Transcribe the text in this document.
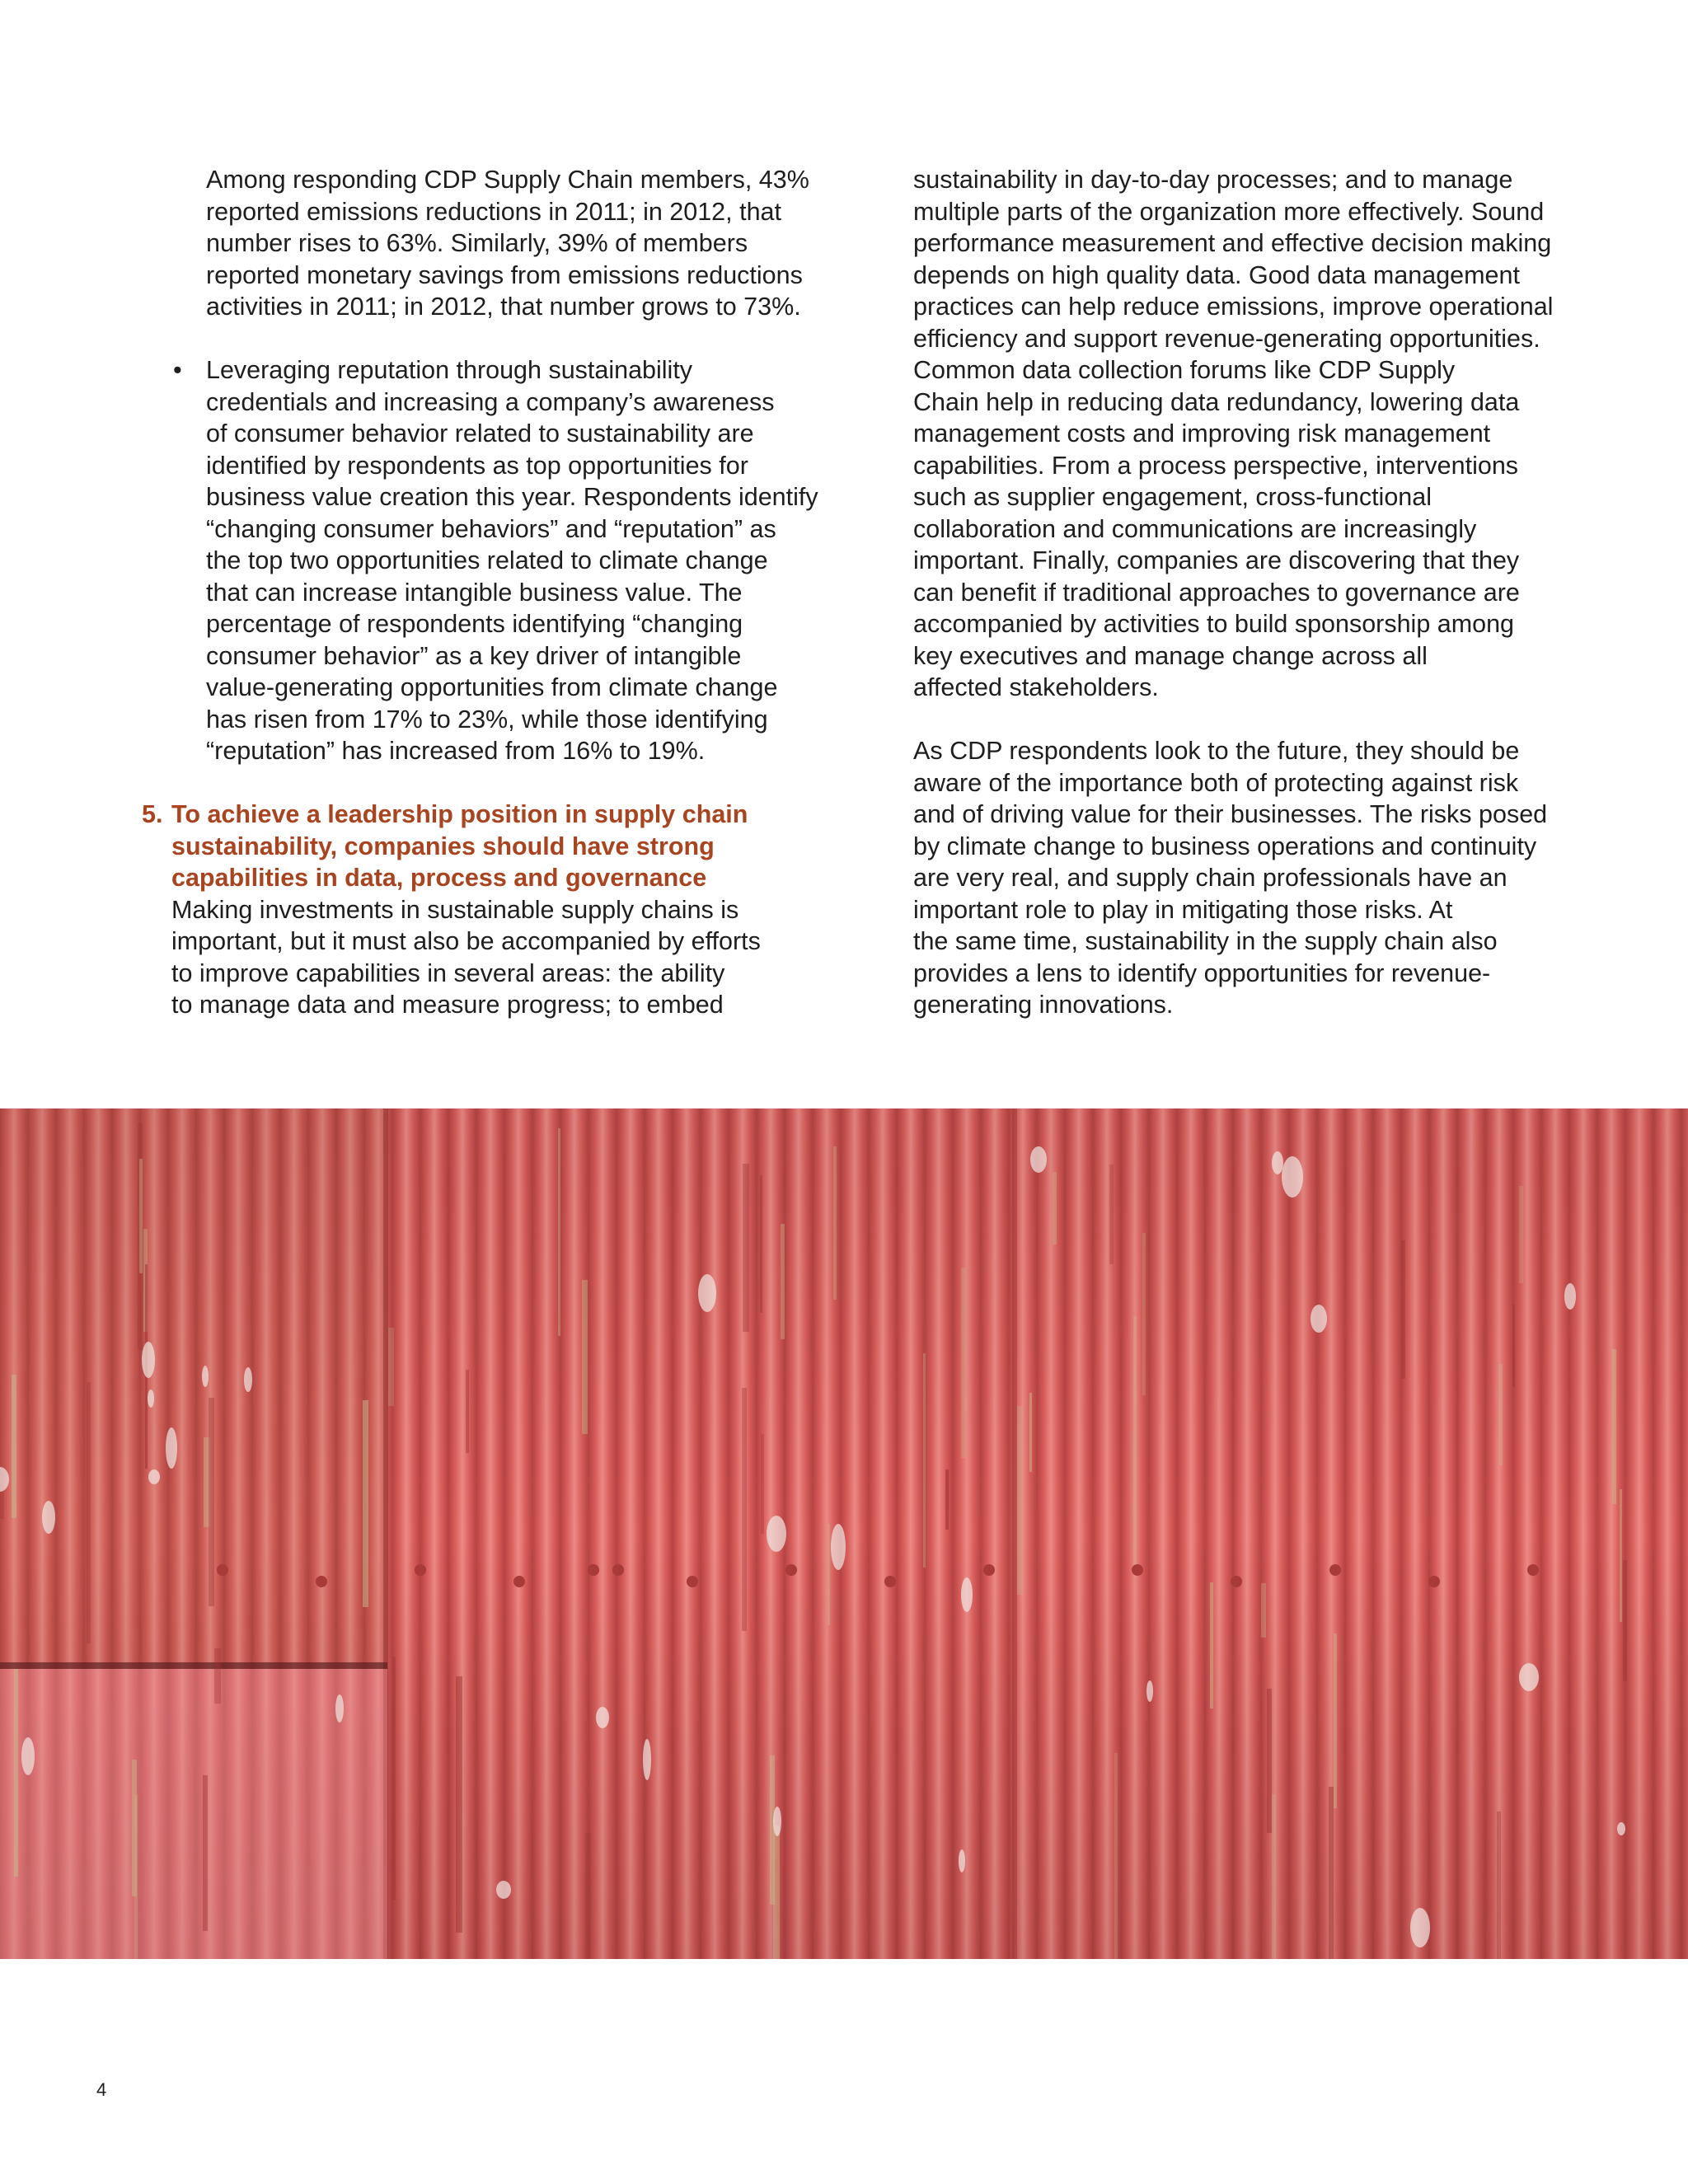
Among responding CDP Supply Chain members, 43%
reported emissions reductions in 2011; in 2012, that
number rises to 63%. Similarly, 39% of members
reported monetary savings from emissions reductions
activities in 2011; in 2012, that number grows to 73%.
• Leveraging reputation through sustainability
credentials and increasing a company’s awareness
of consumer behavior related to sustainability are
identified by respondents as top opportunities for
business value creation this year. Respondents identify
“changing consumer behaviors” and “reputation” as
the top two opportunities related to climate change
that can increase intangible business value. The
percentage of respondents identifying “changing
consumer behavior” as a key driver of intangible
value-generating opportunities from climate change
has risen from 17% to 23%, while those identifying
“reputation” has increased from 16% to 19%.
5. To achieve a leadership position in supply chain
sustainability, companies should have strong
capabilities in data, process and governance
Making investments in sustainable supply chains is
important, but it must also be accompanied by efforts
to improve capabilities in several areas: the ability
to manage data and measure progress; to embed
sustainability in day-to-day processes; and to manage
multiple parts of the organization more effectively. Sound
performance measurement and effective decision making
depends on high quality data. Good data management
practices can help reduce emissions, improve operational
efficiency and support revenue-generating opportunities.
Common data collection forums like CDP Supply
Chain help in reducing data redundancy, lowering data
management costs and improving risk management
capabilities. From a process perspective, interventions
such as supplier engagement, cross-functional
collaboration and communications are increasingly
important. Finally, companies are discovering that they
can benefit if traditional approaches to governance are
accompanied by activities to build sponsorship among
key executives and manage change across all
affected stakeholders.
As CDP respondents look to the future, they should be
aware of the importance both of protecting against risk
and of driving value for their businesses. The risks posed
by climate change to business operations and continuity
are very real, and supply chain professionals have an
important role to play in mitigating those risks. At
the same time, sustainability in the supply chain also
provides a lens to identify opportunities for revenue-
generating innovations.
4
